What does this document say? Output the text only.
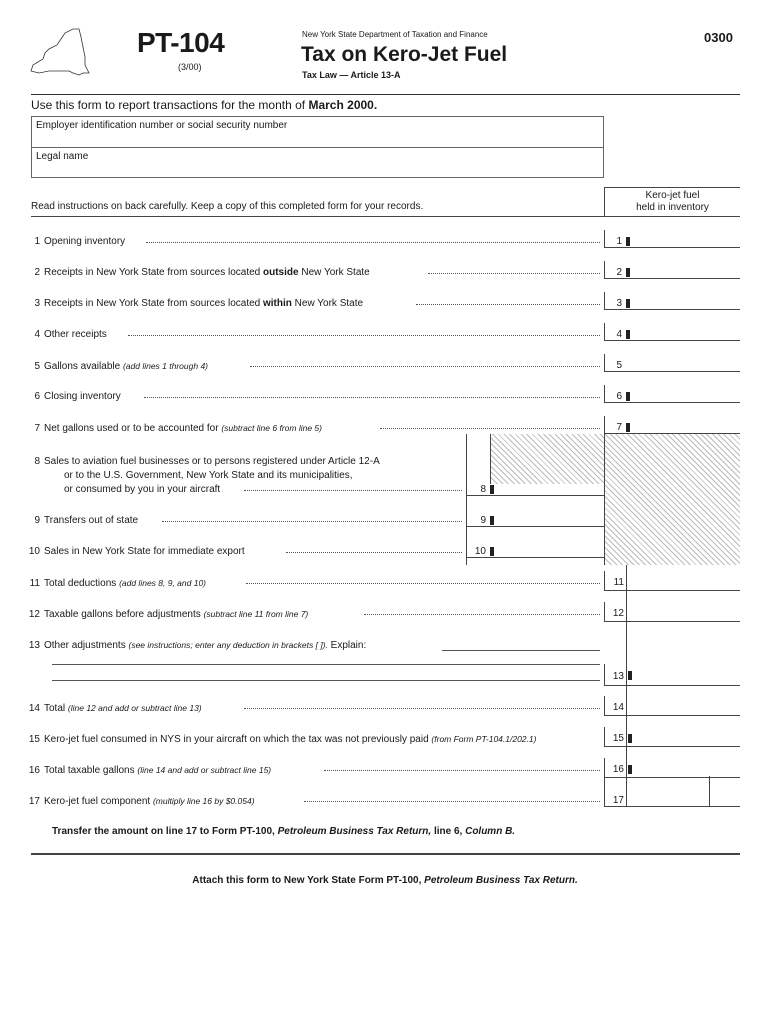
PT-104
(3/00)
New York State Department of Taxation and Finance
Tax on Kero-Jet Fuel
Tax Law — Article 13-A
0300
Use this form to report transactions for the month of March 2000.
Employer identification number or social security number
Legal name
Read instructions on back carefully. Keep a copy of this completed form for your records.
Kero-jet fuel
held in inventory
1 Opening inventory	1
2 Receipts in New York State from sources located outside New York State	2
3 Receipts in New York State from sources located within New York State	3
4 Other receipts	4
5 Gallons available (add lines 1 through 4)	5
6 Closing inventory	6
7 Net gallons used or to be accounted for (subtract line 6 from line 5)	7
8 Sales to aviation fuel businesses or to persons registered under Article 12-A
or to the U.S. Government, New York State and its municipalities,
or consumed by you in your aircraft	8
9 Transfers out of state	9
10 Sales in New York State for immediate export	10
11 Total deductions (add lines 8, 9, and 10)	11
12 Taxable gallons before adjustments (subtract line 11 from line 7)	12
13 Other adjustments (see instructions; enter any deduction in brackets [ ]). Explain:
13
14 Total (line 12 and add or subtract line 13)	14
15 Kero-jet fuel consumed in NYS in your aircraft on which the tax was not previously paid (from Form PT-104.1/202.1)	15
16 Total taxable gallons (line 14 and add or subtract line 15)	16
17 Kero-jet fuel component (multiply line 16 by $0.054)	17
Transfer the amount on line 17 to Form PT-100, Petroleum Business Tax Return, line 6, Column B.
Attach this form to New York State Form PT-100, Petroleum Business Tax Return.
